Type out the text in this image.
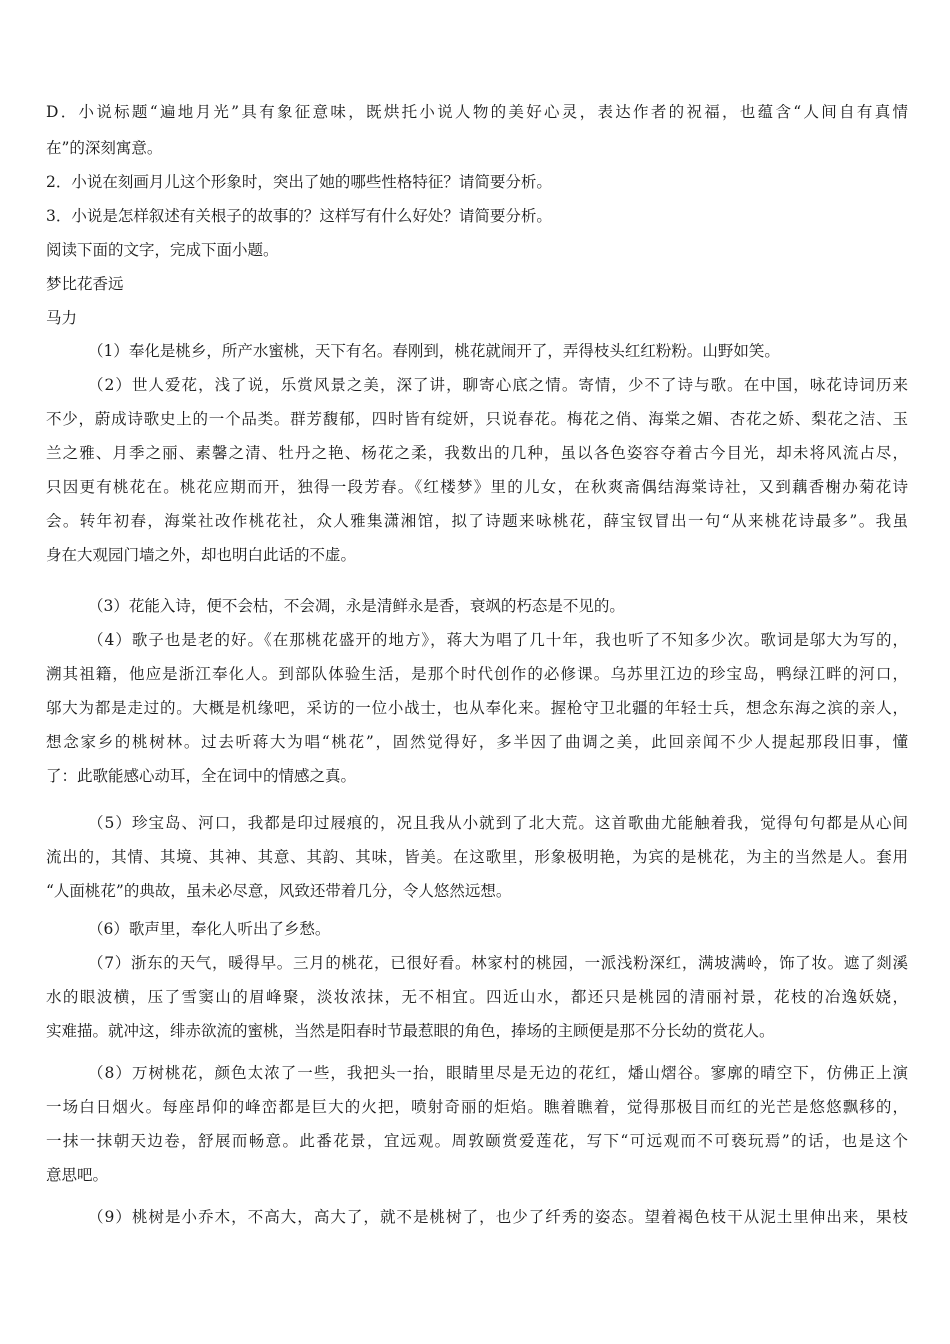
D．小说标题“遍地月光”具有象征意味，既烘托小说人物的美好心灵，表达作者的祝福，也蕴含“人间自有真情
在”的深刻寓意。
2．小说在刻画月儿这个形象时，突出了她的哪些性格特征？请简要分析。
3．小说是怎样叙述有关根子的故事的？这样写有什么好处？请简要分析。
阅读下面的文字，完成下面小题。
梦比花香远
马力
（1）奉化是桃乡，所产水蜜桃，天下有名。春刚到，桃花就闹开了，弄得枝头红红粉粉。山野如笑。
（2）世人爱花，浅了说，乐赏风景之美，深了讲，聊寄心底之情。寄情，少不了诗与歌。在中国，咏花诗词历来
不少，蔚成诗歌史上的一个品类。群芳馥郁，四时皆有绽妍，只说春花。梅花之俏、海棠之媚、杏花之娇、梨花之洁、玉
兰之雅、月季之丽、素馨之清、牡丹之艳、杨花之柔，我数出的几种，虽以各色姿容夺着古今目光，却未将风流占尽，
只因更有桃花在。桃花应期而开，独得一段芳春。《红楼梦》里的儿女，在秋爽斋偶结海棠诗社，又到藕香榭办菊花诗
会。转年初春，海棠社改作桃花社，众人雅集潇湘馆，拟了诗题来咏桃花，薛宝钗冒出一句“从来桃花诗最多”。我虽
身在大观园门墙之外，却也明白此话的不虚。
（3）花能入诗，便不会枯，不会凋，永是清鲜永是香，衰飒的朽态是不见的。
（4）歌子也是老的好。《在那桃花盛开的地方》，蒋大为唱了几十年，我也听了不知多少次。歌词是邬大为写的，
溯其祖籍，他应是浙江奉化人。到部队体验生活，是那个时代创作的必修课。乌苏里江边的珍宝岛，鸭绿江畔的河口，
邬大为都是走过的。大概是机缘吧，采访的一位小战士，也从奉化来。握枪守卫北疆的年轻士兵，想念东海之滨的亲人，
想念家乡的桃树林。过去听蒋大为唱“桃花”，固然觉得好，多半因了曲调之美，此回亲闻不少人提起那段旧事，懂
了：此歌能感心动耳，全在词中的情感之真。
（5）珍宝岛、河口，我都是印过屐痕的，况且我从小就到了北大荒。这首歌曲尤能触着我，觉得句句都是从心间
流出的，其情、其境、其神、其意、其韵、其味，皆美。在这歌里，形象极明艳，为宾的是桃花，为主的当然是人。套用
“人面桃花”的典故，虽未必尽意，风致还带着几分，令人悠然远想。
（6）歌声里，奉化人听出了乡愁。
（7）浙东的天气，暖得早。三月的桃花，已很好看。林家村的桃园，一派浅粉深红，满坡满岭，饰了妆。遮了剡溪
水的眼波横，压了雪窦山的眉峰聚，淡妆浓抹，无不相宜。四近山水，都还只是桃园的清丽衬景，花枝的冶逸妖娆，
实难描。就冲这，绯赤欲流的蜜桃，当然是阳春时节最惹眼的角色，捧场的主顾便是那不分长幼的赏花人。
（8）万树桃花，颜色太浓了一些，我把头一抬，眼睛里尽是无边的花红，燔山熠谷。寥廓的晴空下，仿佛正上演
一场白日烟火。每座昂仰的峰峦都是巨大的火把，喷射奇丽的炬焰。瞧着瞧着，觉得那极目而红的光芒是悠悠飘移的，
一抹一抹朝天边卷，舒展而畅意。此番花景，宜远观。周敦颐赏爱莲花，写下“可远观而不可亵玩焉”的话，也是这个
意思吧。
（9）桃树是小乔木，不高大，高大了，就不是桃树了，也少了纤秀的姿态。望着褐色枝干从泥土里伸出来，果枝
